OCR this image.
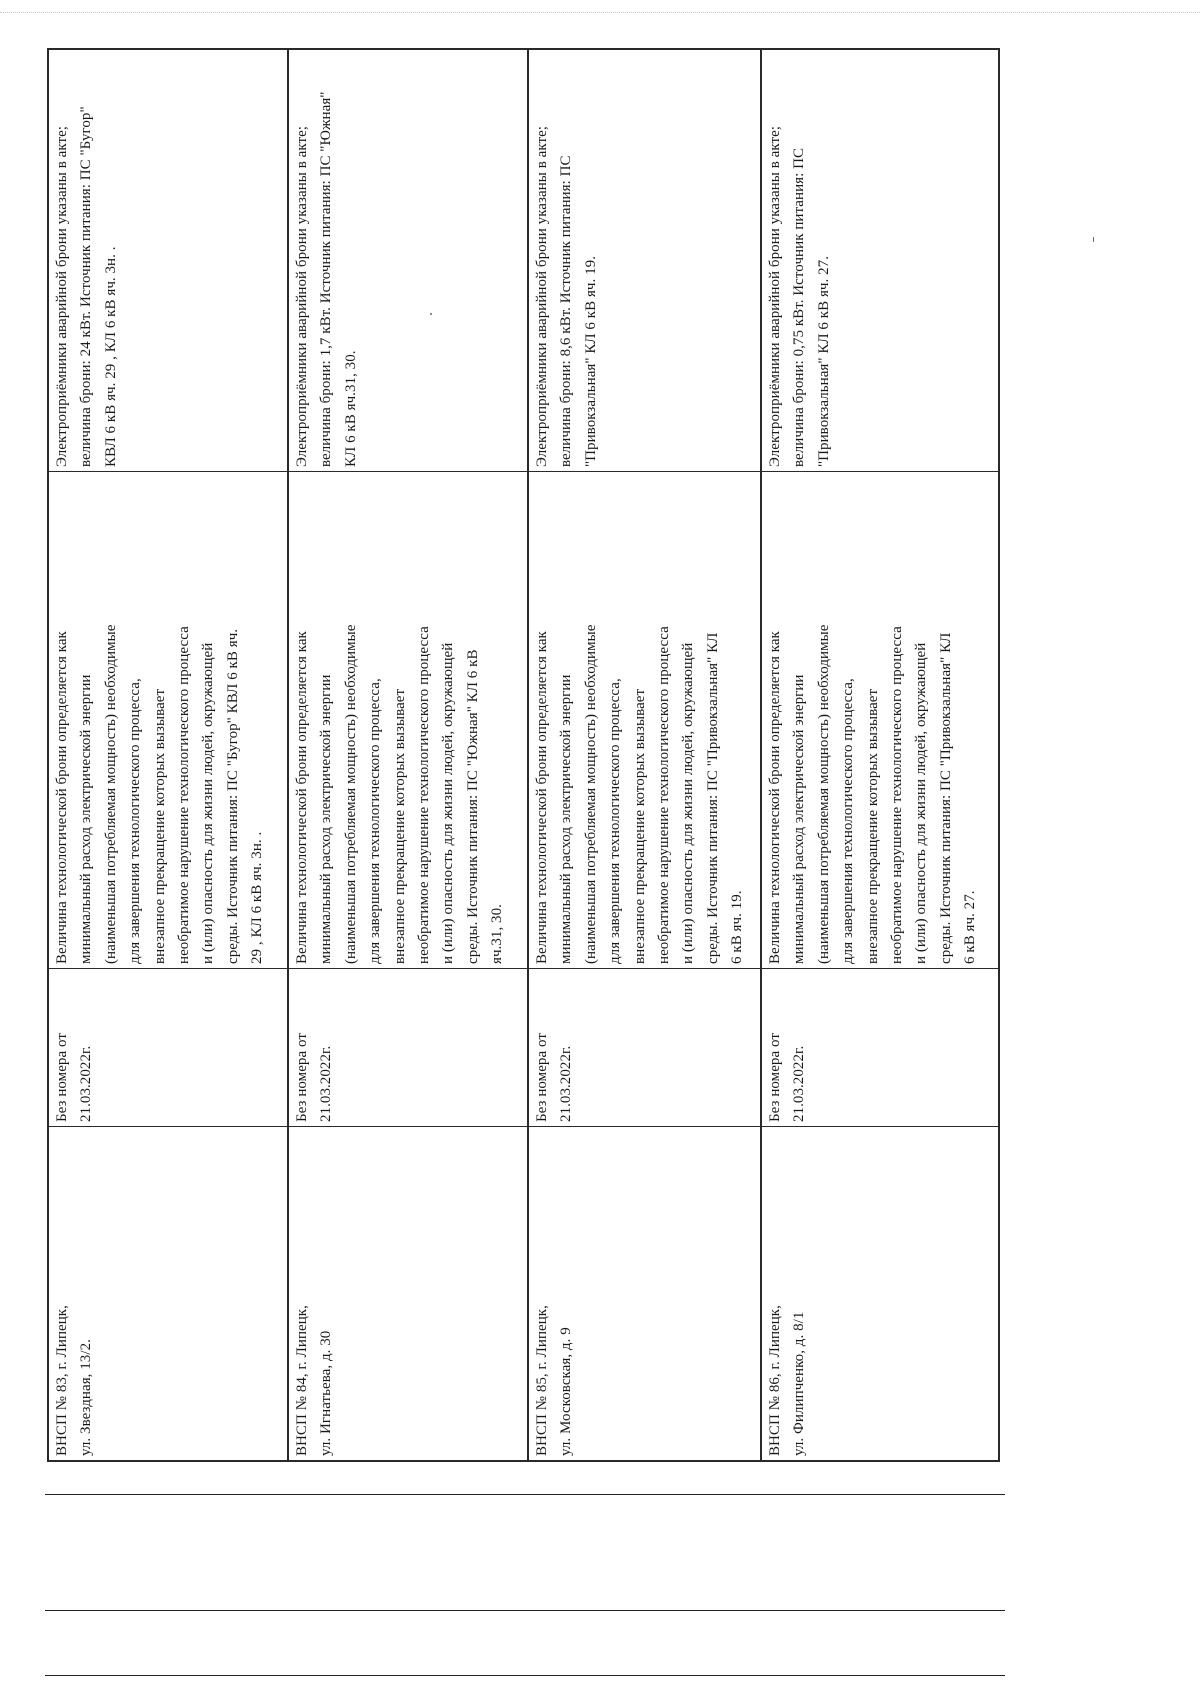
Электроприёмники аварийной брони указаны в акте;
величина брони: 24 кВт. Источник питания: ПС "Бугор"
КВЛ 6 кВ яч. 29 , КЛ 6 кВ яч. 3н. .
Величина технологической брони определяется как
минимальный расход электрической энергии
(наименьшая потребляемая мощность) необходимые
для завершения технологического процесса,
внезапное прекращение которых вызывает
необратимое нарушение технологического процесса
и (или) опасность для жизни людей, окружающей
среды. Источник питания: ПС "Бугор" КВЛ 6 кВ яч.
29 , КЛ 6 кВ яч. 3н. .
Без номера от
21.03.2022г.
ВНСП № 83, г. Липецк,
ул. Звездная, 13/2.
Электроприёмники аварийной брони указаны в акте;
величина брони: 1,7 кВт. Источник питания: ПС "Южная"
КЛ 6 кВ яч.31, 30.
Величина технологической брони определяется как
минимальный расход электрической энергии
(наименьшая потребляемая мощность) необходимые
для завершения технологического процесса,
внезапное прекращение которых вызывает
необратимое нарушение технологического процесса
и (или) опасность для жизни людей, окружающей
среды. Источник питания: ПС "Южная" КЛ 6 кВ
яч.31, 30.
Без номера от
21.03.2022г.
ВНСП № 84, г. Липецк,
ул. Игнатьева, д. 30
Электроприёмники аварийной брони указаны в акте;
величина брони: 8,6 кВт. Источник питания: ПС
"Привокзальная" КЛ 6 кВ яч. 19.
Величина технологической брони определяется как
минимальный расход электрической энергии
(наименьшая потребляемая мощность) необходимые
для завершения технологического процесса,
внезапное прекращение которых вызывает
необратимое нарушение технологического процесса
и (или) опасность для жизни людей, окружающей
среды. Источник питания: ПС "Привокзальная" КЛ
6 кВ яч. 19.
Без номера от
21.03.2022г.
ВНСП № 85, г. Липецк,
ул. Московская, д. 9
Электроприёмники аварийной брони указаны в акте;
величина брони: 0,75 кВт. Источник питания: ПС
"Привокзальная" КЛ 6 кВ яч. 27.
Величина технологической брони определяется как
минимальный расход электрической энергии
(наименьшая потребляемая мощность) необходимые
для завершения технологического процесса,
внезапное прекращение которых вызывает
необратимое нарушение технологического процесса
и (или) опасность для жизни людей, окружающей
среды. Источник питания: ПС "Привокзальная" КЛ
6 кВ яч. 27.
Без номера от
21.03.2022г.
ВНСП № 86, г. Липецк,
ул. Филипченко, д. 8/1
